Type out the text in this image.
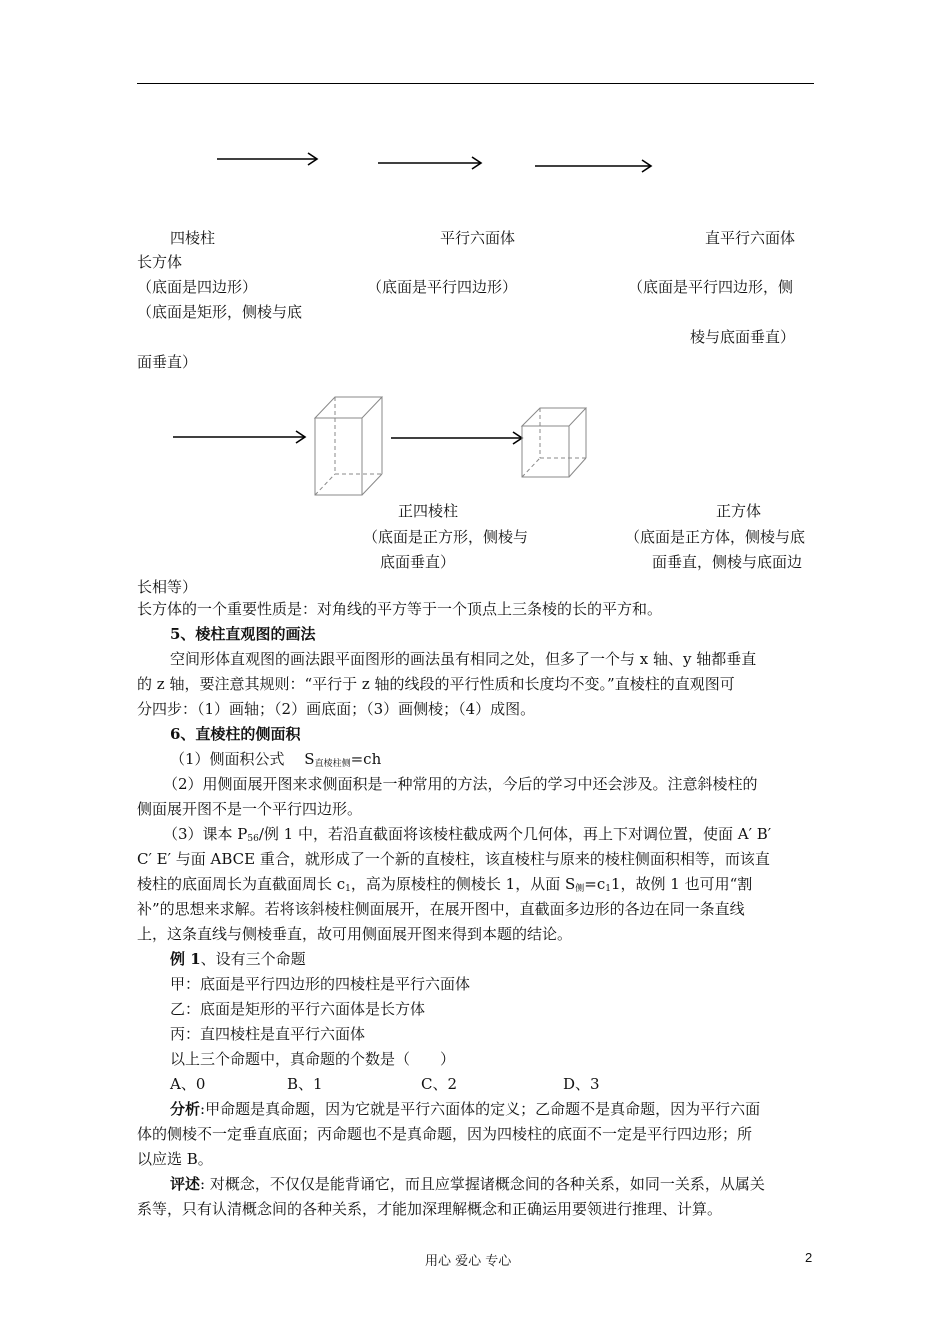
四棱柱	平行六面体	直平行六面体
长方体
（底面是四边形）	（底面是平行四边形）	（底面是平行四边形，侧
（底面是矩形，侧棱与底
棱与底面垂直）
面垂直）
正四棱柱	正方体
（底面是正方形，侧棱与	（底面是正方体，侧棱与底
底面垂直）	面垂直，侧棱与底面边
长相等）
长方体的一个重要性质是：对角线的平方等于一个顶点上三条棱的长的平方和。
5、棱柱直观图的画法
空间形体直观图的画法跟平面图形的画法虽有相同之处，但多了一个与 x 轴、y 轴都垂直
的 z 轴，要注意其规则：“平行于 z 轴的线段的平行性质和长度均不变。”直棱柱的直观图可
分四步：（1）画轴；（2）画底面；（3）画侧棱；（4）成图。
6、直棱柱的侧面积
（1）侧面积公式　 $S_{直棱柱侧}=ch$
（2）用侧面展开图来求侧面积是一种常用的方法，今后的学习中还会涉及。注意斜棱柱的
侧面展开图不是一个平行四边形。
（3）课本 $P_{56}/$例 1 中，若沿直截面将该棱柱截成两个几何体，再上下对调位置，使面 A′ B′
C′ E′ 与面 ABCE 重合，就形成了一个新的直棱柱，该直棱柱与原来的棱柱侧面积相等，而该直
棱柱的底面周长为直截面周长 $c_1$，高为原棱柱的侧棱长 1，从面 $S_侧=c_11$，故例 1 也可用“割
补”的思想来求解。若将该斜棱柱侧面展开，在展开图中，直截面多边形的各边在同一条直线
上，这条直线与侧棱垂直，故可用侧面展开图来得到本题的结论。
例 1、设有三个命题
甲：底面是平行四边形的四棱柱是平行六面体
乙：底面是矩形的平行六面体是长方体
丙：直四棱柱是直平行六面体
以上三个命题中，真命题的个数是（　　）
A、0	B、1	C、2	D、3
分析:甲命题是真命题，因为它就是平行六面体的定义；乙命题不是真命题，因为平行六面
体的侧棱不一定垂直底面；丙命题也不是真命题，因为四棱柱的底面不一定是平行四边形；所
以应选 B。
评述: 对概念，不仅仅是能背诵它，而且应掌握诸概念间的各种关系，如同一关系，从属关
系等，只有认清概念间的各种关系，才能加深理解概念和正确运用要领进行推理、计算。
用心 爱心 专心	2
